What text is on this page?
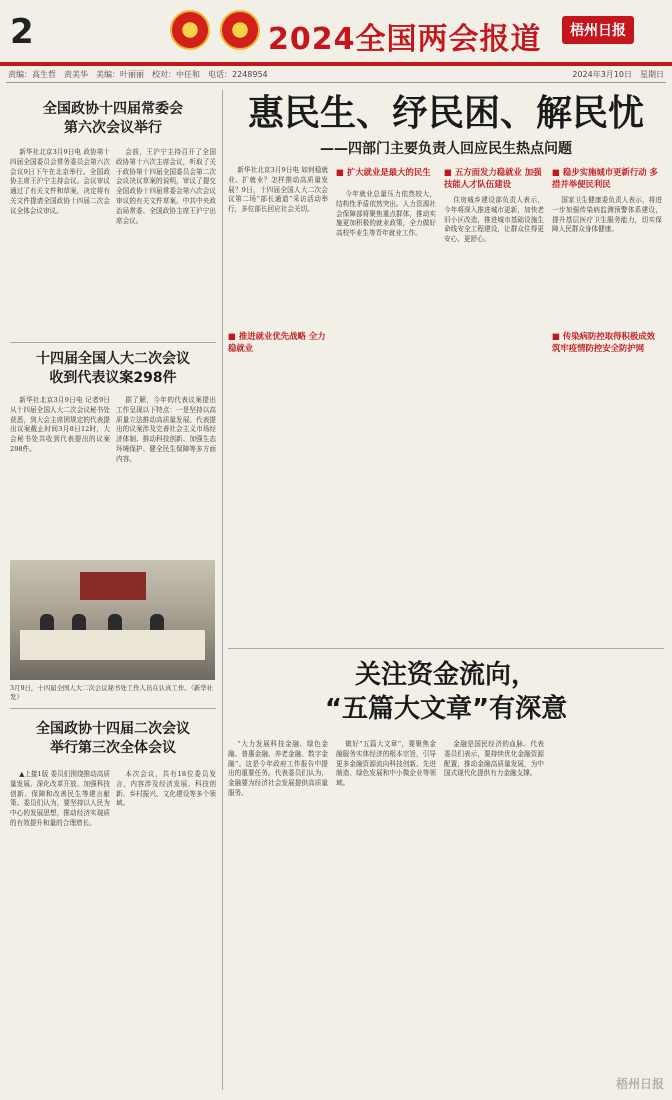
2	2024全国两会报道	梧州日报
责编：高生哲　责美华　美编：叶丽丽　校对：中任和　电话：2248954	2024年3月10日　星期日
全国政协十四届常委会
第六次会议举行

新华社北京3月9日电 政协第十四届全国委员会常务委员会第六次会议9日下午在北京举行。全国政协主席王沪宁主持会议。会议审议通过了有关文件和草案，决定将有关文件提请全国政协十四届二次会议全体会议审议。

会前，王沪宁主持召开了全国政协第十六次主席会议，听取了关于政协第十四届全国委员会第二次会议决议草案的说明，审议了提交全国政协十四届常委会第六次会议审议的有关文件草案。中共中央政治局常委、全国政协主席王沪宁出席会议。

十四届全国人大二次会议
收到代表议案298件

新华社北京3月9日电 记者9日从十四届全国人大二次会议秘书处获悉，到大会主席团规定的代表提出议案截止时间3月8日12时，大会秘书处共收到代表提出的议案298件。

据了解，今年的代表议案提出工作呈现以下特点：一是坚持以高质量立法推动高质量发展。代表提出的议案涉及完善社会主义市场经济体制、推动科技创新、加强生态环境保护、健全民生保障等多方面内容。

3月9日，十四届全国人大二次会议秘书处工作人员在认真工作。（新华社发）
全国政协十四届二次会议
举行第三次全体会议

▲上接1版 委员们围绕推动高质量发展、深化改革开放、加强科技创新、保障和改善民生等建言献策。委员们认为，要坚持以人民为中心的发展思想，推动经济实现质的有效提升和量的合理增长。

本次会议，共有18位委员发言，内容涉及经济发展、科技创新、乡村振兴、文化建设等多个领域。

惠民生、纾民困、解民忧
——四部门主要负责人回应民生热点问题

新华社北京3月9日电 如何稳就业、扩就业？怎样推动高质量发展？9日，十四届全国人大二次会议第二场“部长通道”采访活动举行，多位部长回应社会关切。

■ 扩大就业是最大的民生

今年就业总量压力依然较大，结构性矛盾依然突出。人力资源社会保障部将聚焦重点群体，推动实施更加积极的就业政策，全力做好高校毕业生等青年就业工作。

■ 五方面发力稳就业 加强技能人才队伍建设

住房城乡建设部负责人表示，今年将深入推进城市更新，加快老旧小区改造，推进城市基础设施生命线安全工程建设，让群众住得更安心、更舒心。

■ 稳步实施城市更新行动 多措并举便民利民

国家卫生健康委负责人表示，将进一步加强传染病监测预警体系建设，提升基层医疗卫生服务能力，切实保障人民群众身体健康。

■ 传染病防控取得积极成效 筑牢疫情防控安全防护网
■ 推进就业优先战略 全力稳就业
关注资金流向，
“五篇大文章”有深意

“大力发展科技金融、绿色金融、普惠金融、养老金融、数字金融”。这是今年政府工作报告中提出的重要任务。代表委员们认为，金融要为经济社会发展提供高质量服务。

做好“五篇大文章”，要聚焦金融服务实体经济的根本宗旨，引导更多金融资源流向科技创新、先进制造、绿色发展和中小微企业等领域。

金融是国民经济的血脉。代表委员们表示，要持续优化金融资源配置，推动金融高质量发展，为中国式现代化提供有力金融支撑。

梧州日报
